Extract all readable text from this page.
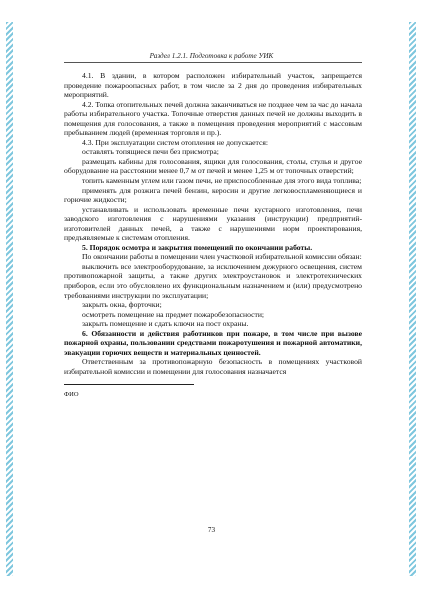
Раздел 1.2.1. Подготовка к работе УИК

4.1. В здании, в котором расположен избирательный участок, запрещается проведение пожароопасных работ, в том числе за 2 дня до проведения избирательных мероприятий.

4.2. Топка отопительных печей должна заканчиваться не позднее чем за час до начала работы избирательного участка. Топочные отверстия данных печей не должны выходить в помещения для голосования, а также в помещения проведения мероприятий с массовым пребыванием людей (временная торговля и пр.).

4.3. При эксплуатации систем отопления не допускается:

оставлять топящиеся печи без присмотра;

размещать кабины для голосования, ящики для голосования, столы, стулья и другое оборудование на расстоянии менее 0,7 м от печей и менее 1,25 м от топочных отверстий;

топить каменным углем или газом печи, не приспособленные для этого вида топлива;

применять для розжига печей бензин, керосин и другие легковоспламеняющиеся и горючие жидкости;

устанавливать и использовать временные печи кустарного изготовления, печи заводского изготовления с нарушениями указания (инструкции) предприятий-изготовителей данных печей, а также с нарушениями норм проектирования, предъявляемые к системам отопления.

5. Порядок осмотра и закрытия помещений по окончании работы.

По окончании работы в помещении член участковой избирательной комиссии обязан:

выключить все электрооборудование, за исключением дежурного освещения, систем противопожарной защиты, а также других электроустановок и электротехнических приборов, если это обусловлено их функциональным назначением и (или) предусмотрено требованиями инструкции по эксплуатации;

закрыть окна, форточки;

осмотреть помещение на предмет пожаробезопасности;

закрыть помещение и сдать ключи на пост охраны.

6. Обязанности и действия работников при пожаре, в том числе при вызове пожарной охраны, пользовании средствами пожаротушения и пожарной автоматики, эвакуации горючих веществ и материальных ценностей.

Ответственным за противопожарную безопасность в помещениях участковой избирательной комиссии и помещении для голосования назначается

ФИО

73
